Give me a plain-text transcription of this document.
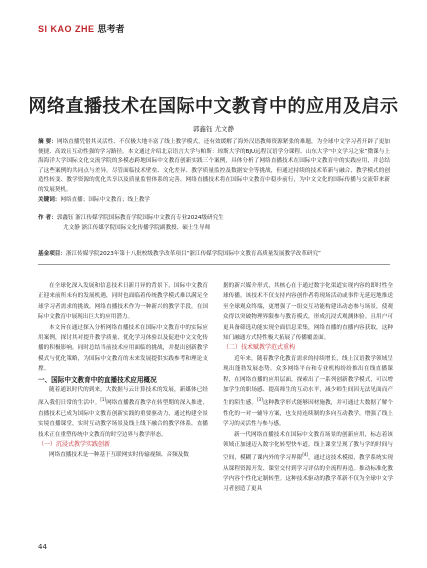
SI KAO ZHE 思考者
网络直播技术在国际中文教育中的应用及启示
郭鑫钰 尤文静
摘 要：网络直播凭借其灵活性、不仅极大地丰富了线上教学模式，还有效缓解了海外汉语教师资源紧张的难题，为全球中文学习者开辟了更加便捷、高效且互动性强的学习路径。本文通过介绍北京语言大学与帕斯：琼斯大学的BJU远程汉语学分课程、山东大学“中文学习之家”微课与上海海洋大学国际文化交流学院的多模态跨地国际中文教育创新实践三个案例，具体分析了网络直播技术在国际中文教育中的实践应用，并总结了这些案例的共同点与差异。尽管面临技术壁垒、文化差异、教学质量监控及数据安全等挑战，但通过持续的技术革新与融合、教学模式的创造性转变、教学资源的优化共享以及质量监督体系的完善，网络直播技术将在国际中文教育中稳步前行，为中文文化的国际传播与交流带来新的发展契机。
关键词：网络直播；国际中文教育；线上教学
作 者：郭鑫钰 浙江传媒学院国际教育学院国际中文教育专业2024级研究生
尤文静 浙江传媒学院国际文化传播学院副教授、硕士生导师
基金项目：浙江传媒学院2023年第十八批校级教学改革项目“浙江传媒学院国际中文教育高质量发展教学改革研究”

在全球化深入发展和信息技术日新月异的背景下，国际中文教育正迎来前所未有的发展机遇，同时也面临着传统教学模式难以满足全球学习者需求的挑战。网络直播技术作为一种新兴的教学手段，在国际中文教育中展现出巨大的应用潜力。

本文旨在通过探入分析网络直播技术在国际中文教育中的实际应用案例，探讨其对提升教学质量、优化学习体验以及促进中文文化传播的积极影响，同时总结当前技术应用面临的挑战，并提出创新教学模式与优化策略，为国际中文教育的未来发展提供实践参考和理论支撑。

一、国际中文教育中的直播技术应用概况

随着通讯时代的到来，大数据与云计算技术的发展，新媒体已经深入我们日常的生活中。[1]网络直播教育教学在转型期的深入推进，直播技术已成为国际中文教育创新实践的重要驱动力，通过构建全景实境直播课堂，实时互动教学场景及线上线下融合的教学体系，直播技术正在重塑传统中文教育的时空边界与教学形态。

（一）沉浸式教学实践创新

网络直播技术是一种基于互联网实时传输视频、音频及数

据的新兴媒介形式，其核心在于通过数字化渠道实现内容的即时性全球传播。该技术不仅支持内容创作者将现场活动或事件无延迟地推送至全球观众终端，更增强了一组交互功能构建出动态参与场景，使观众得以突破物理界限参与教育模式，形成沉浸式观测体验。且用户可更具备筛选功能实现全面信息采集，网络直播的直播内容获取，这种知门融通方式特性极大拓展了传播覆盖面。

（二）技术赋教学范式重构

近年来，随着教学化教育需求的持续增长，线上汉语教学领域呈现出蓬勃发展态势。众多网络平台和专业机构纷纷推出在线直播课程，在网络直播的应用层面，探索出了一系列创新教学模式，可以增加学生的职场感、提高师生的互动水平，减少师生间因无法见面而产生的陌生感。[3]这种教学形式能够因材施教，并可通过大数据了解个性化的一对一辅导方案，也支持连续制的多向互动教学，增强了线上学习的灵活性与参与感。

新一代网络直播技术在国际中文教育场景的创新应用，标志着该领域正加速迈入数字化转型快车道。线上课堂呈现了教与学的时间与空间，模糊了课内外的学习界限[4]，通过这技术模拟，教学系统实现从课程资源开发、课堂交付到学习评估的全流程再造。推动标准化教学内容个性化定制转型。这种技术驱动的教学革新不仅为全球中文学习者创造了更具

44
